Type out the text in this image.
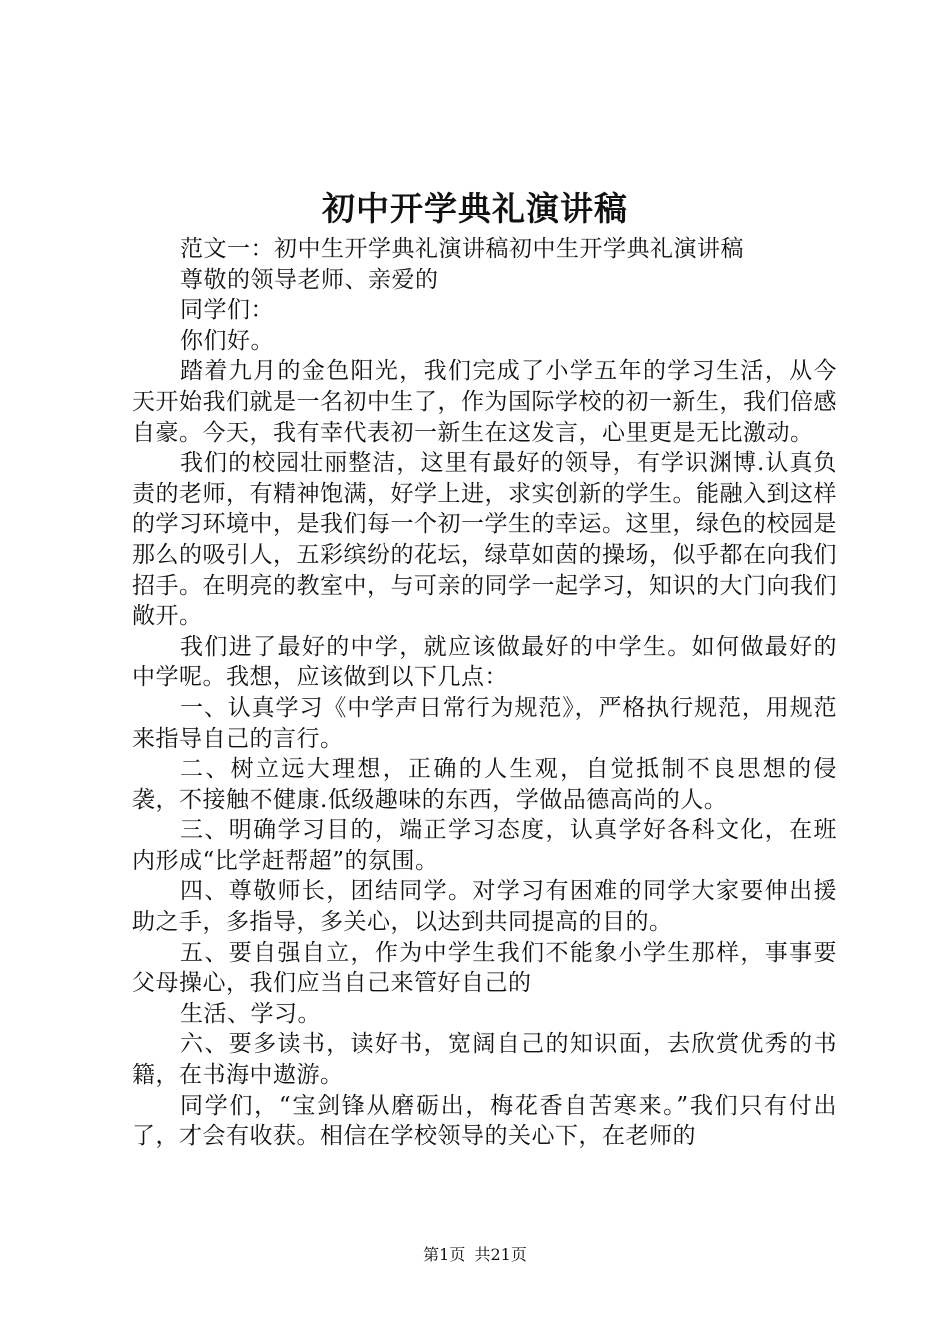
初中开学典礼演讲稿

范文一：初中生开学典礼演讲稿初中生开学典礼演讲稿

尊敬的领导老师、亲爱的

同学们：

你们好。

踏着九月的金色阳光，我们完成了小学五年的学习生活，从今天开始我们就是一名初中生了，作为国际学校的初一新生，我们倍感自豪。今天，我有幸代表初一新生在这发言，心里更是无比激动。

我们的校园壮丽整洁，这里有最好的领导，有学识渊博.认真负责的老师，有精神饱满，好学上进，求实创新的学生。能融入到这样的学习环境中，是我们每一个初一学生的幸运。这里，绿色的校园是那么的吸引人，五彩缤纷的花坛，绿草如茵的操场，似乎都在向我们招手。在明亮的教室中，与可亲的同学一起学习，知识的大门向我们敞开。

我们进了最好的中学，就应该做最好的中学生。如何做最好的中学呢。我想，应该做到以下几点：

一、认真学习《中学声日常行为规范》，严格执行规范，用规范来指导自己的言行。

二、树立远大理想，正确的人生观，自觉抵制不良思想的侵袭，不接触不健康.低级趣味的东西，学做品德高尚的人。

三、明确学习目的，端正学习态度，认真学好各科文化，在班内形成“比学赶帮超”的氛围。

四、尊敬师长，团结同学。对学习有困难的同学大家要伸出援助之手，多指导，多关心，以达到共同提高的目的。

五、要自强自立，作为中学生我们不能象小学生那样，事事要父母操心，我们应当自己来管好自己的

生活、学习。

六、要多读书，读好书，宽阔自己的知识面，去欣赏优秀的书籍，在书海中遨游。

同学们，“宝剑锋从磨砺出，梅花香自苦寒来。”我们只有付出了，才会有收获。相信在学校领导的关心下，在老师的

第1页 共21页
